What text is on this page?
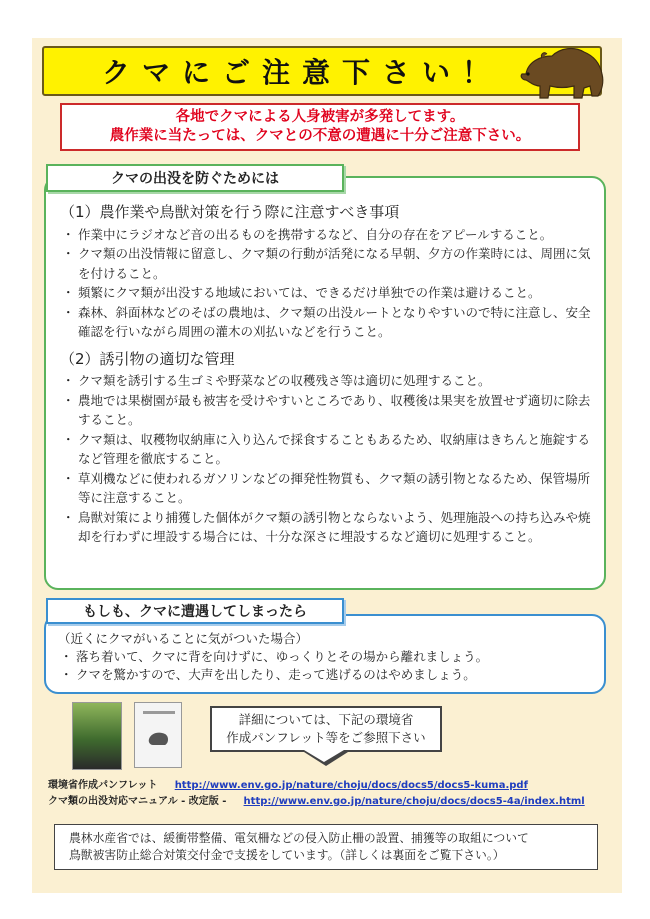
クマにご注意下さい！
各地でクマによる人身被害が多発してます。
農作業に当たっては、クマとの不意の遭遇に十分ご注意下さい。
クマの出没を防ぐためには
（1）農作業や鳥獣対策を行う際に注意すべき事項
・ 作業中にラジオなど音の出るものを携帯するなど、自分の存在をアピールすること。
・ クマ類の出没情報に留意し、クマ類の行動が活発になる早朝、夕方の作業時には、周囲に気を付けること。
・ 頻繁にクマ類が出没する地域においては、できるだけ単独での作業は避けること。
・ 森林、斜面林などのそばの農地は、クマ類の出没ルートとなりやすいので特に注意し、安全確認を行いながら周囲の灌木の刈払いなどを行うこと。
（2）誘引物の適切な管理
・ クマ類を誘引する生ゴミや野菜などの収穫残さ等は適切に処理すること。
・ 農地では果樹園が最も被害を受けやすいところであり、収穫後は果実を放置せず適切に除去すること。
・ クマ類は、収穫物収納庫に入り込んで採食することもあるため、収納庫はきちんと施錠するなど管理を徹底すること。
・ 草刈機などに使われるガソリンなどの揮発性物質も、クマ類の誘引物となるため、保管場所等に注意すること。
・ 鳥獣対策により捕獲した個体がクマ類の誘引物とならないよう、処理施設への持ち込みや焼却を行わずに埋設する場合には、十分な深さに埋設するなど適切に処理すること。
もしも、クマに遭遇してしまったら
（近くにクマがいることに気がついた場合）
・ 落ち着いて、クマに背を向けずに、ゆっくりとその場から離れましょう。
・ クマを驚かすので、大声を出したり、走って逃げるのはやめましょう。
詳細については、下記の環境省
作成パンフレット等をご参照下さい
環境省作成パンフレット http://www.env.go.jp/nature/choju/docs/docs5/docs5-kuma.pdf
クマ類の出没対応マニュアル - 改定版 - http://www.env.go.jp/nature/choju/docs/docs5-4a/index.html
農林水産省では、緩衝帯整備、電気柵などの侵入防止柵の設置、捕獲等の取組について
鳥獣被害防止総合対策交付金で支援をしています。（詳しくは裏面をご覧下さい。）
